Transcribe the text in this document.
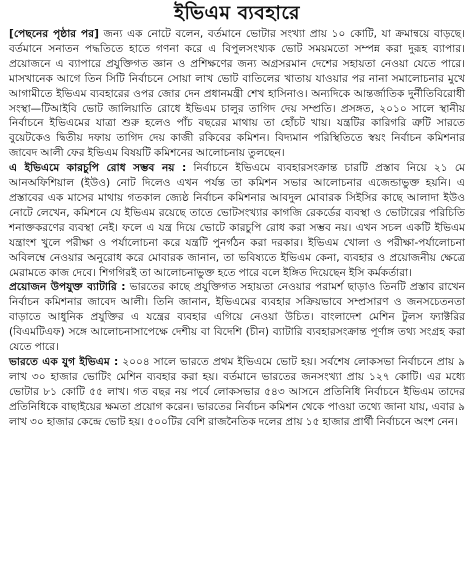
ইভিএম ব্যবহারে

[পেছনের পৃষ্ঠার পর] জন্য এক নোটে বলেন, বর্তমানে ভোটার সংখ্যা প্রায় ১০ কোটি, যা ক্রমান্বয়ে বাড়ছে। বর্তমানে সনাতন পদ্ধতিতে হাতে গণনা করে এ বিপুলসংখ্যক ভোট সময়মতো সম্পন্ন করা দুরূহ ব্যাপার। প্রয়োজনে এ ব্যাপারে প্রযুক্তিগত জ্ঞান ও প্রশিক্ষণের জন্য অগ্রসরমান দেশের সহায়তা নেওয়া যেতে পারে। মাসখানেক আগে তিন সিটি নির্বাচনে সোয়া লাখ ভোট বাতিলের খাতায় যাওয়ার পর নানা সমালোচনার মুখে আগামীতে ইভিএম ব্যবহারের ওপর জোর দেন প্রধানমন্ত্রী শেখ হাসিনাও। অন্যদিকে আন্তর্জাতিক দুর্নীতিবিরোধী সংস্থা—টিআইবি ভোট জালিয়াতি রোধে ইভিএম চালুর তাগিদ দেয় সম্প্রতি। প্রসঙ্গত, ২০১০ সালে স্থানীয় নির্বাচনে ইভিএমের যাত্রা শুরু হলেও পাঁচ বছরের মাথায় তা হোঁচট খায়। যন্ত্রটির কারিগরি ত্রুটি সারতে বুয়েটকেও দ্বিতীয় দফায় তাগিদ দেয় কাজী রকিবের কমিশন। বিদ্যমান পরিস্থিতিতে স্বয়ং নির্বাচন কমিশনার জাবেদ আলী ফের ইভিএম বিষয়টি কমিশনের আলোচনায় তুলছেন।

এ ইভিএমে কারচুপি রোধ সম্ভব নয় : নির্বাচনে ইভিএমে ব্যবহারসংক্রান্ত চারটি প্রস্তাব নিয়ে ২১ মে আনঅফিশিয়াল (ইউও) নোট দিলেও এখন পর্যন্ত তা কমিশন সভার আলোচনার এজেন্ডাভুক্ত হয়নি। এ প্রস্তাবের এক মাসের মাথায় গতকাল জ্যেষ্ঠ নির্বাচন কমিশনার আবদুল মোবারক সিইসির কাছে আলাদা ইউও নোটে লেখেন, কমিশনে যে ইভিএম রয়েছে তাতে ভোটসংখ্যার কাগজি রেকর্ডের ব্যবস্থা ও ভোটারের পরিচিতি শনাক্তকরণের ব্যবস্থা নেই। ফলে এ যন্ত্র দিয়ে ভোটে কারচুপি রোধ করা সম্ভব নয়। এখন সচল একটি ইভিএম যন্ত্রাংশ খুলে পরীক্ষা ও পর্যালোচনা করে যন্ত্রটি পুনর্গঠন করা দরকার। ইভিএম খোলা ও পরীক্ষা-পর্যালোচনা অবিলম্বে নেওয়ার অনুরোধ করে মোবারক জানান, তা ভবিষ্যতে ইভিএম কেনা, ব্যবহার ও প্রয়োজনীয় ক্ষেত্রে মেরামতে কাজ দেবে। শিগগিরই তা আলোচনাভুক্ত হতে পারে বলে ইঙ্গিত দিয়েছেন ইসি কর্মকর্তারা।

প্রয়োজন উপযুক্ত ব্যাটারি : ভারতের কাছে প্রযুক্তিগত সহায়তা নেওয়ার পরামর্শ ছাড়াও তিনটি প্রস্তাব রাখেন নির্বাচন কমিশনার জাবেদ আলী। তিনি জানান, ইভিএমের ব্যবহার সক্রিয়ভাবে সম্প্রসারণ ও জনসচেতনতা বাড়াতে আধুনিক প্রযুক্তির এ যন্ত্রের ব্যবহার এগিয়ে নেওয়া উচিত। বাংলাদেশ মেশিন টুলস ফ্যাক্টরির (বিএমটিএফ) সঙ্গে আলোচনাসাপেক্ষে দেশীয় বা বিদেশি (চীন) ব্যাটারি ব্যবহারসংক্রান্ত পূর্ণাঙ্গ তথ্য সংগ্রহ করা যেতে পারে।

ভারতে এক যুগ ইভিএম : ২০০৪ সালে ভারতে প্রথম ইভিএমে ভোট হয়। সর্বশেষ লোকসভা নির্বাচনে প্রায় ৯ লাখ ৩০ হাজার ভোটিং মেশিন ব্যবহার করা হয়। বর্তমানে ভারতের জনসংখ্যা প্রায় ১২৭ কোটি। এর মধ্যে ভোটার ৮১ কোটি ৫৫ লাখ। গত বছর নয় পর্বে লোকসভার ৫৪৩ আসনে প্রতিনিধি নির্বাচনে ইভিএম তাদের প্রতিনিধিকে বাছাইয়ের ক্ষমতা প্রয়োগ করেন। ভারতের নির্বাচন কমিশন থেকে পাওয়া তথ্যে জানা যায়, এবার ৯ লাখ ৩০ হাজার কেন্দ্রে ভোট হয়। ৫০০টির বেশি রাজনৈতিক দলের প্রায় ১৫ হাজার প্রার্থী নির্বাচনে অংশ নেন।
